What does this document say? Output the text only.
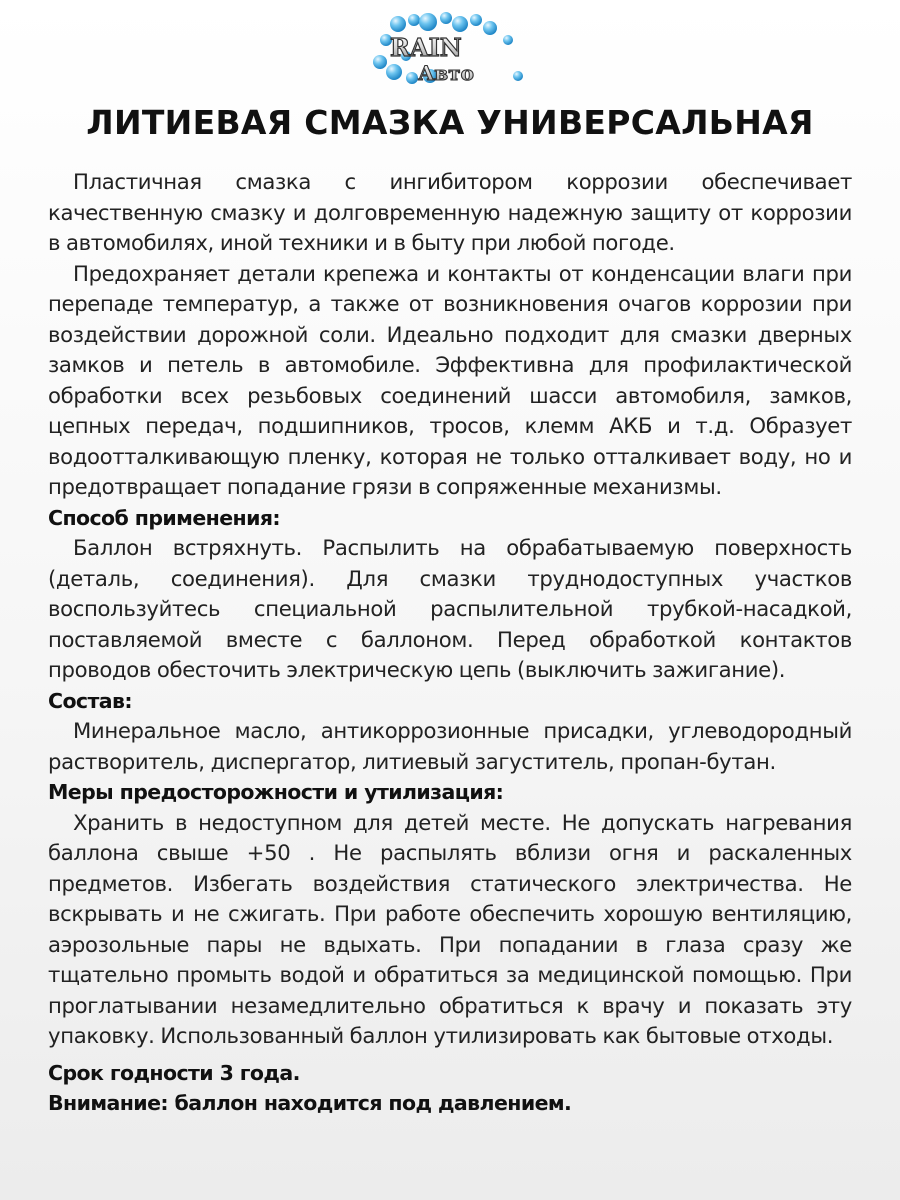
RAIN
Авто
ЛИТИЕВАЯ СМАЗКА УНИВЕРСАЛЬНАЯ

Пластичная смазка с ингибитором коррозии обеспечивает качественную смазку и долговременную надежную защиту от коррозии в автомобилях, иной техники и в быту при любой погоде.

Предохраняет детали крепежа и контакты от конденсации влаги при перепаде температур, а также от возникновения очагов коррозии при воздействии дорожной соли. Идеально подходит для смазки дверных замков и петель в автомобиле. Эффективна для профилактической обработки всех резьбовых соединений шасси автомобиля, замков, цепных передач, подшипников, тросов, клемм АКБ и т.д. Образует водоотталкивающую пленку, которая не только отталкивает воду, но и предотвращает попадание грязи в сопряженные механизмы.

Способ применения:

Баллон встряхнуть. Распылить на обрабатываемую поверхность (деталь, соединения). Для смазки труднодоступных участков воспользуйтесь специальной распылительной трубкой-насадкой, поставляемой вместе с баллоном. Перед обработкой контактов проводов обесточить электрическую цепь (выключить зажигание).

Состав:

Минеральное масло, антикоррозионные присадки, углеводородный растворитель, диспергатор, литиевый загуститель, пропан-бутан.

Меры предосторожности и утилизация:

Хранить в недоступном для детей месте. Не допускать нагревания баллона свыше +50 . Не распылять вблизи огня и раскаленных предметов. Избегать воздействия статического электричества. Не вскрывать и не сжигать. При работе обеспечить хорошую вентиляцию, аэрозольные пары не вдыхать. При попадании в глаза сразу же тщательно промыть водой и обратиться за медицинской помощью. При проглатывании незамедлительно обратиться к врачу и показать эту упаковку. Использованный баллон утилизировать как бытовые отходы.

Срок годности 3 года.

Внимание: баллон находится под давлением.
